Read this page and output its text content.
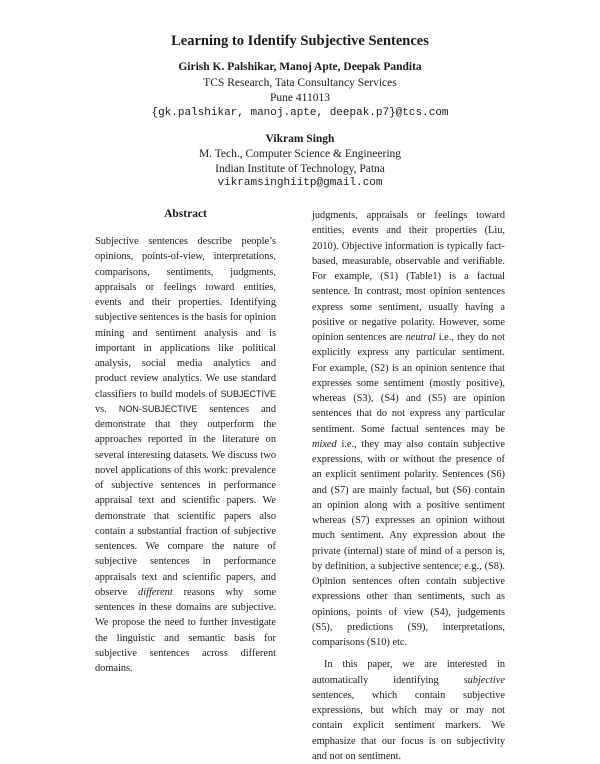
Learning to Identify Subjective Sentences
Girish K. Palshikar, Manoj Apte, Deepak Pandita
TCS Research, Tata Consultancy Services
Pune 411013
{gk.palshikar, manoj.apte, deepak.p7}@tcs.com
Vikram Singh
M. Tech., Computer Science & Engineering
Indian Institute of Technology, Patna
vikramsinghiitp@gmail.com
Abstract

Subjective sentences describe people’s opinions, points-of-view, interpretations, comparisons, sentiments, judgments, appraisals or feelings toward entities, events and their properties. Identifying subjective sentences is the basis for opinion mining and sentiment analysis and is important in applications like political analysis, social media analytics and product review analytics. We use standard classifiers to build models of SUBJECTIVE vs. NON-SUBJECTIVE sentences and demonstrate that they outperform the approaches reported in the literature on several interesting datasets. We discuss two novel applications of this work: prevalence of subjective sentences in performance appraisal text and scientific papers. We demonstrate that scientific papers also contain a substantial fraction of subjective sentences. We compare the nature of subjective sentences in performance appraisals text and scientific papers, and observe different reasons why some sentences in these domains are subjective. We propose the need to further investigate the linguistic and semantic basis for subjective sentences across different domains.

judgments, appraisals or feelings toward entities, events and their properties (Liu, 2010). Objective information is typically fact-based, measurable, observable and verifiable. For example, (S1) (Table1) is a factual sentence. In contrast, most opinion sentences express some sentiment, usually having a positive or negative polarity. However, some opinion sentences are neutral i.e., they do not explicitly express any particular sentiment. For example, (S2) is an opinion sentence that expresses some sentiment (mostly positive), whereas (S3), (S4) and (S5) are opinion sentences that do not express any particular sentiment. Some factual sentences may be mixed i.e., they may also contain subjective expressions, with or without the presence of an explicit sentiment polarity. Sentences (S6) and (S7) are mainly factual, but (S6) contain an opinion along with a positive sentiment whereas (S7) expresses an opinion without much sentiment. Any expression about the private (internal) state of mind of a person is, by definition, a subjective sentence; e.g., (S8). Opinion sentences often contain subjective expressions other than sentiments, such as opinions, points of view (S4), judgements (S5), predictions (S9), interpretations, comparisons (S10) etc.

In this paper, we are interested in automatically identifying subjective sentences, which contain subjective expressions, but which may or may not contain explicit sentiment markers. We emphasize that our focus is on subjectivity and not on sentiment.
